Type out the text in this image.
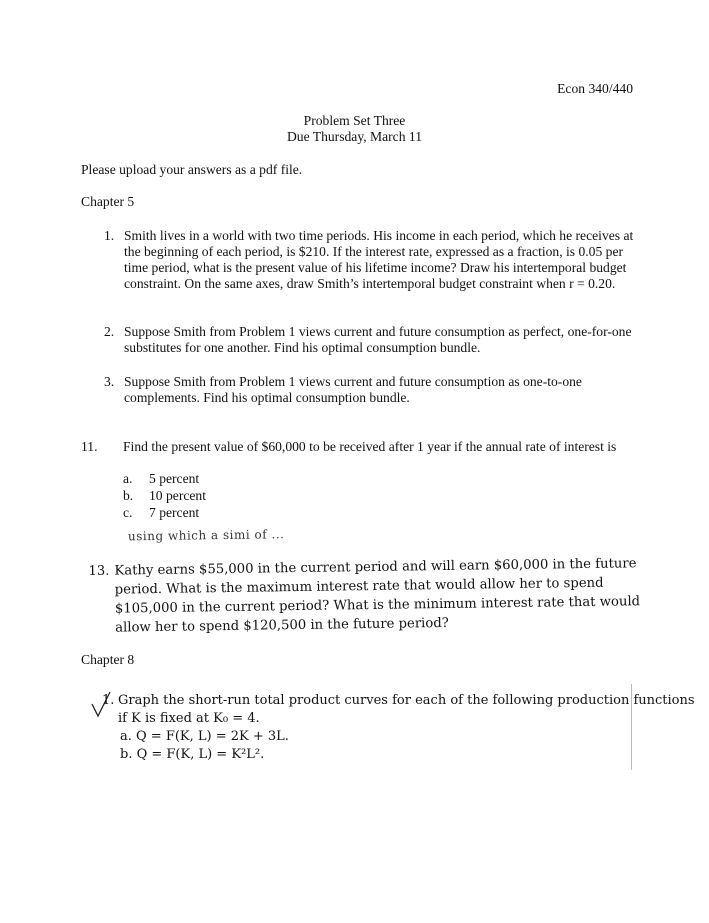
Econ 340/440
Problem Set Three
Due Thursday, March 11
Please upload your answers as a pdf file.
Chapter 5
1. Smith lives in a world with two time periods. His income in each period, which he receives at the beginning of each period, is $210. If the interest rate, expressed as a fraction, is 0.05 per time period, what is the present value of his lifetime income? Draw his intertemporal budget constraint. On the same axes, draw Smith’s intertemporal budget constraint when r = 0.20.
2. Suppose Smith from Problem 1 views current and future consumption as perfect, one-for-one substitutes for one another. Find his optimal consumption bundle.
3. Suppose Smith from Problem 1 views current and future consumption as one-to-one complements. Find his optimal consumption bundle.
11. Find the present value of $60,000 to be received after 1 year if the annual rate of interest is
a.	5 percent
b.	10 percent
c.	7 percent
using which a simi of ...
13. Kathy earns $55,000 in the current period and will earn $60,000 in the future period. What is the maximum interest rate that would allow her to spend $105,000 in the current period? What is the minimum interest rate that would allow her to spend $120,500 in the future period?
Chapter 8
1. Graph the short-run total product curves for each of the following production functions
if K is fixed at K₀ = 4.
a. Q = F(K, L) = 2K + 3L.
b. Q = F(K, L) = K²L².
